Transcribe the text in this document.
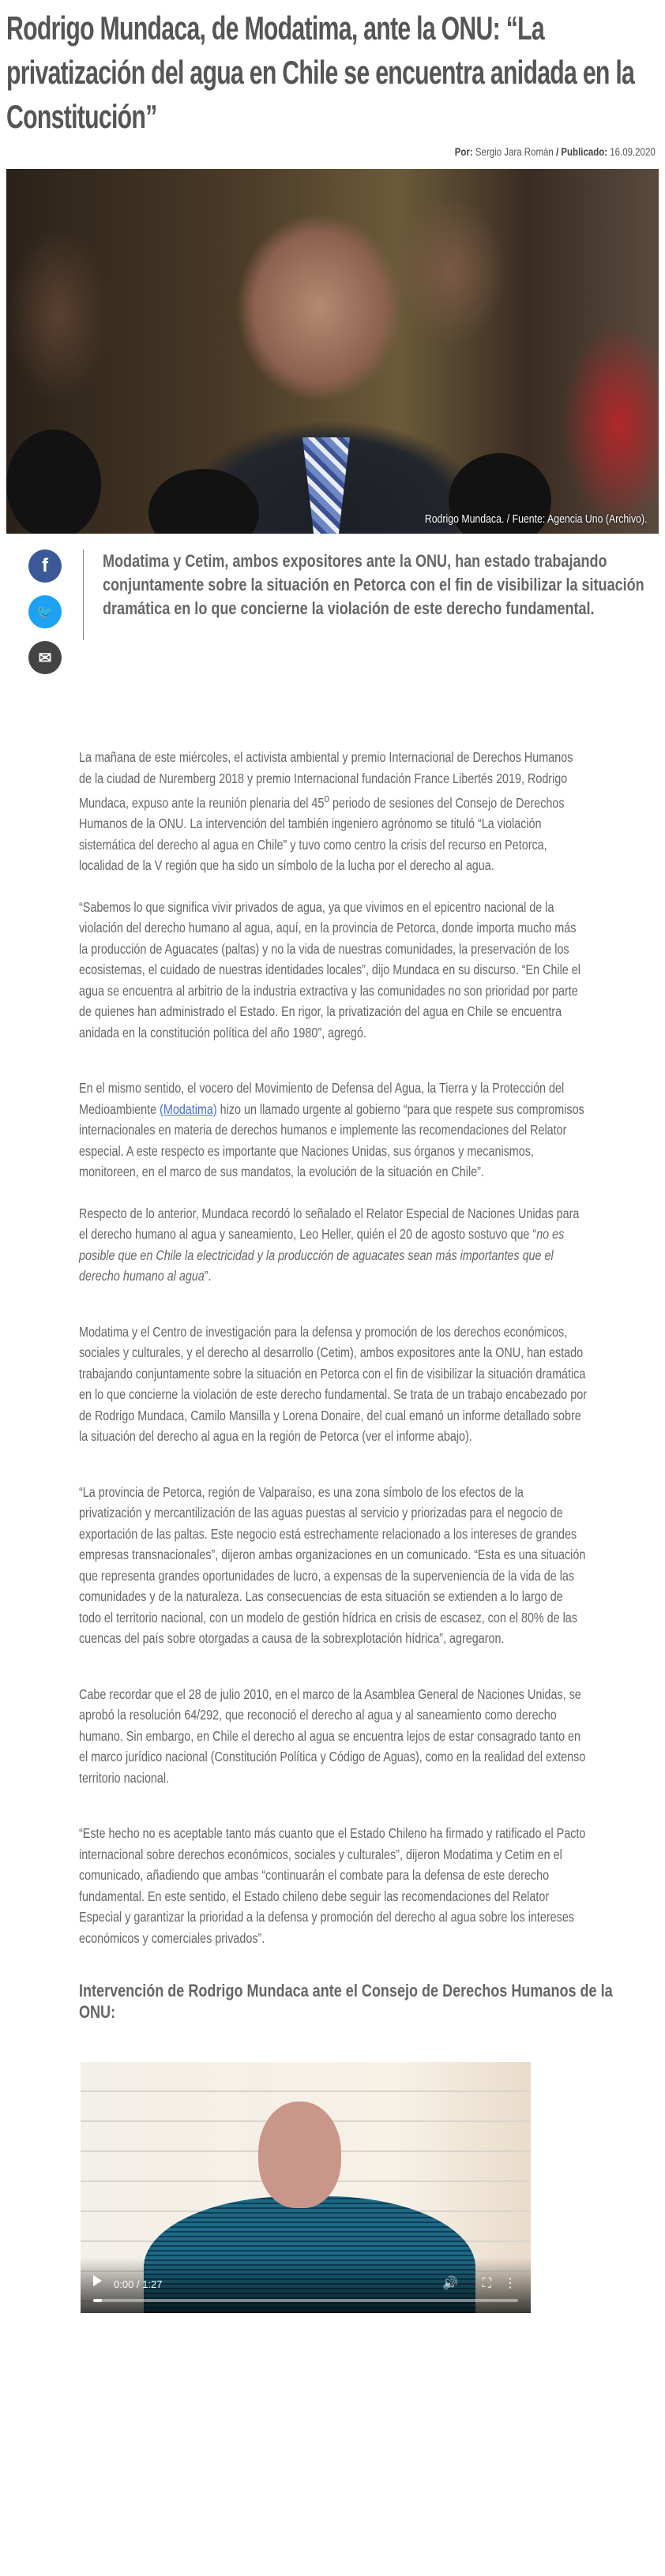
Rodrigo Mundaca, de Modatima, ante la ONU: “La privatización del agua en Chile se encuentra anidada en la Constitución”
Por: Sergio Jara Román / Publicado: 16.09.2020
Rodrigo Mundaca. / Fuente: Agencia Uno (Archivo).
f
🐦
✉

Modatima y Cetim, ambos expositores ante la ONU, han estado trabajando conjuntamente sobre la situación en Petorca con el fin de visibilizar la situación dramática en lo que concierne la violación de este derecho fundamental.

La mañana de este miércoles, el activista ambiental y premio Internacional de Derechos Humanos de la ciudad de Nuremberg 2018 y premio Internacional fundación France Libertés 2019, Rodrigo Mundaca, expuso ante la reunión plenaria del 45$^o$ periodo de sesiones del Consejo de Derechos Humanos de la ONU. La intervención del también ingeniero agrónomo se tituló “La violación sistemática del derecho al agua en Chile” y tuvo como centro la crisis del recurso en Petorca, localidad de la V región que ha sido un símbolo de la lucha por el derecho al agua.

“Sabemos lo que significa vivir privados de agua, ya que vivimos en el epicentro nacional de la violación del derecho humano al agua, aquí, en la provincia de Petorca, donde importa mucho más la producción de Aguacates (paltas) y no la vida de nuestras comunidades, la preservación de los ecosistemas, el cuidado de nuestras identidades locales”, dijo Mundaca en su discurso. “En Chile el agua se encuentra al arbitrio de la industria extractiva y las comunidades no son prioridad por parte de quienes han administrado el Estado. En rigor, la privatización del agua en Chile se encuentra anidada en la constitución política del año 1980”, agregó.

En el mismo sentido, el vocero del Movimiento de Defensa del Agua, la Tierra y la Protección del Medioambiente (Modatima) hizo un llamado urgente al gobierno “para que respete sus compromisos internacionales en materia de derechos humanos e implemente las recomendaciones del Relator especial. A este respecto es importante que Naciones Unidas, sus órganos y mecanismos, monitoreen, en el marco de sus mandatos, la evolución de la situación en Chile”.

Respecto de lo anterior, Mundaca recordó lo señalado el Relator Especial de Naciones Unidas para el derecho humano al agua y saneamiento, Leo Heller, quién el 20 de agosto sostuvo que “no es posible que en Chile la electricidad y la producción de aguacates sean más importantes que el derecho humano al agua”.

Modatima y el Centro de investigación para la defensa y promoción de los derechos económicos, sociales y culturales, y el derecho al desarrollo (Cetim), ambos expositores ante la ONU, han estado trabajando conjuntamente sobre la situación en Petorca con el fin de visibilizar la situación dramática en lo que concierne la violación de este derecho fundamental. Se trata de un trabajo encabezado por de Rodrigo Mundaca, Camilo Mansilla y Lorena Donaire, del cual emanó un informe detallado sobre la situación del derecho al agua en la región de Petorca (ver el informe abajo).

“La provincia de Petorca, región de Valparaíso, es una zona símbolo de los efectos de la privatización y mercantilización de las aguas puestas al servicio y priorizadas para el negocio de exportación de las paltas. Este negocio está estrechamente relacionado a los intereses de grandes empresas transnacionales”, dijeron ambas organizaciones en un comunicado. “Esta es una situación que representa grandes oportunidades de lucro, a expensas de la superveniencia de la vida de las comunidades y de la naturaleza. Las consecuencias de esta situación se extienden a lo largo de todo el territorio nacional, con un modelo de gestión hídrica en crisis de escasez, con el 80% de las cuencas del país sobre otorgadas a causa de la sobrexplotación hídrica”, agregaron.

Cabe recordar que el 28 de julio 2010, en el marco de la Asamblea General de Naciones Unidas, se aprobó la resolución 64/292, que reconoció el derecho al agua y al saneamiento como derecho humano. Sin embargo, en Chile el derecho al agua se encuentra lejos de estar consagrado tanto en el marco jurídico nacional (Constitución Política y Código de Aguas), como en la realidad del extenso territorio nacional.

“Este hecho no es aceptable tanto más cuanto que el Estado Chileno ha firmado y ratificado el Pacto internacional sobre derechos económicos, sociales y culturales”, dijeron Modatima y Cetim en el comunicado, añadiendo que ambas “continuarán el combate para la defensa de este derecho fundamental. En este sentido, el Estado chileno debe seguir las recomendaciones del Relator Especial y garantizar la prioridad a la defensa y promoción del derecho al agua sobre los intereses económicos y comerciales privados”.

Intervención de Rodrigo Mundaca ante el Consejo de Derechos Humanos de la ONU:
0:00 / 1:27	🔊 ⛶ ⋮
